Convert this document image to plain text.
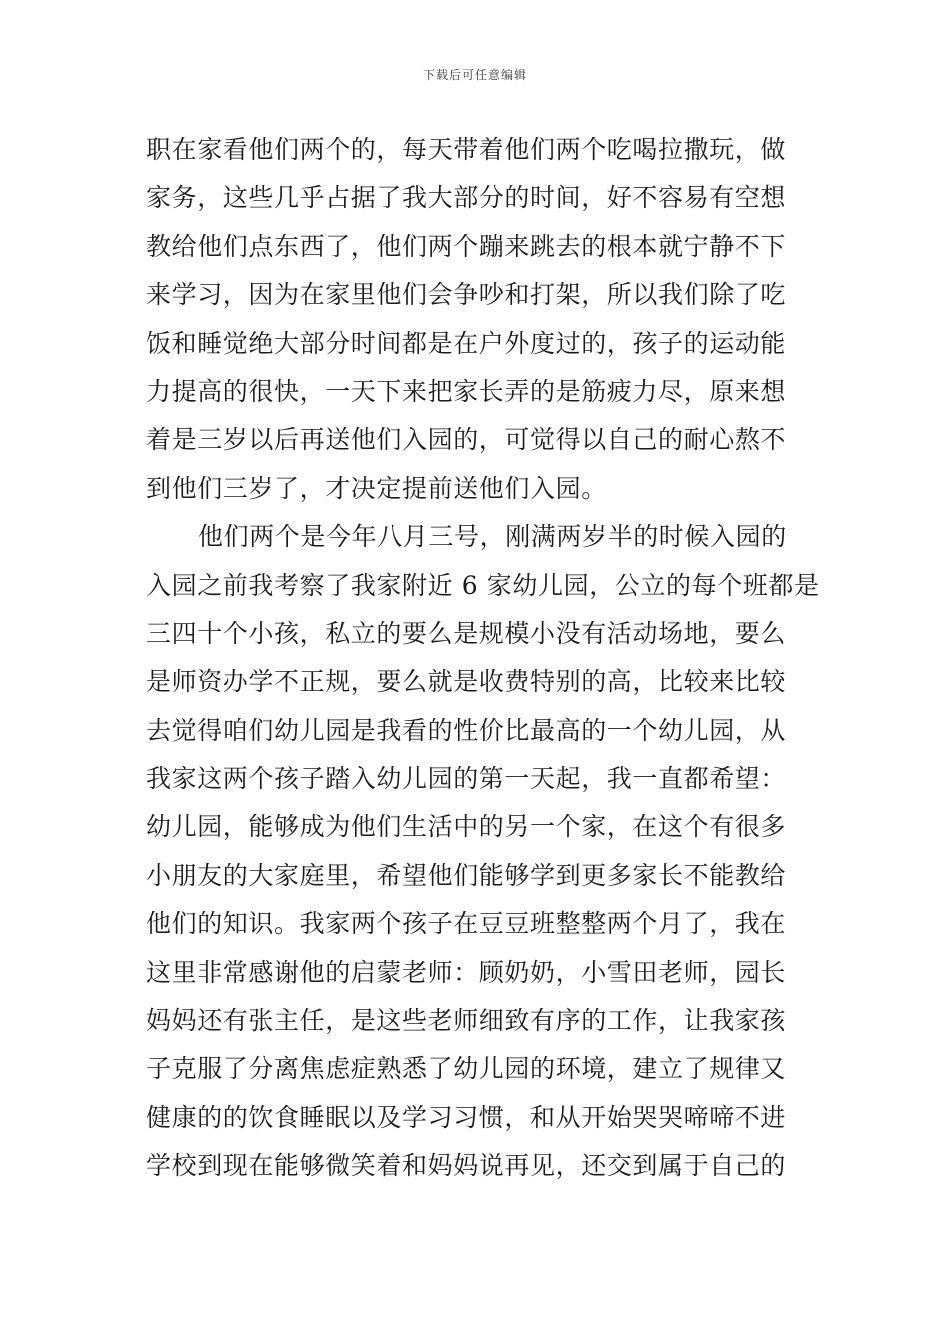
下载后可任意编辑
职在家看他们两个的，每天带着他们两个吃喝拉撒玩，做
家务，这些几乎占据了我大部分的时间，好不容易有空想
教给他们点东西了，他们两个蹦来跳去的根本就宁静不下
来学习，因为在家里他们会争吵和打架，所以我们除了吃
饭和睡觉绝大部分时间都是在户外度过的，孩子的运动能
力提高的很快，一天下来把家长弄的是筋疲力尽，原来想
着是三岁以后再送他们入园的，可觉得以自己的耐心熬不
到他们三岁了，才决定提前送他们入园。
他们两个是今年八月三号，刚满两岁半的时候入园的
入园之前我考察了我家附近 6 家幼儿园，公立的每个班都是
三四十个小孩，私立的要么是规模小没有活动场地，要么
是师资办学不正规，要么就是收费特别的高，比较来比较
去觉得咱们幼儿园是我看的性价比最高的一个幼儿园，从
我家这两个孩子踏入幼儿园的第一天起，我一直都希望：
幼儿园，能够成为他们生活中的另一个家，在这个有很多
小朋友的大家庭里，希望他们能够学到更多家长不能教给
他们的知识。我家两个孩子在豆豆班整整两个月了，我在
这里非常感谢他的启蒙老师：顾奶奶，小雪田老师，园长
妈妈还有张主任，是这些老师细致有序的工作，让我家孩
子克服了分离焦虑症熟悉了幼儿园的环境，建立了规律又
健康的的饮食睡眠以及学习习惯，和从开始哭哭啼啼不进
学校到现在能够微笑着和妈妈说再见，还交到属于自己的
